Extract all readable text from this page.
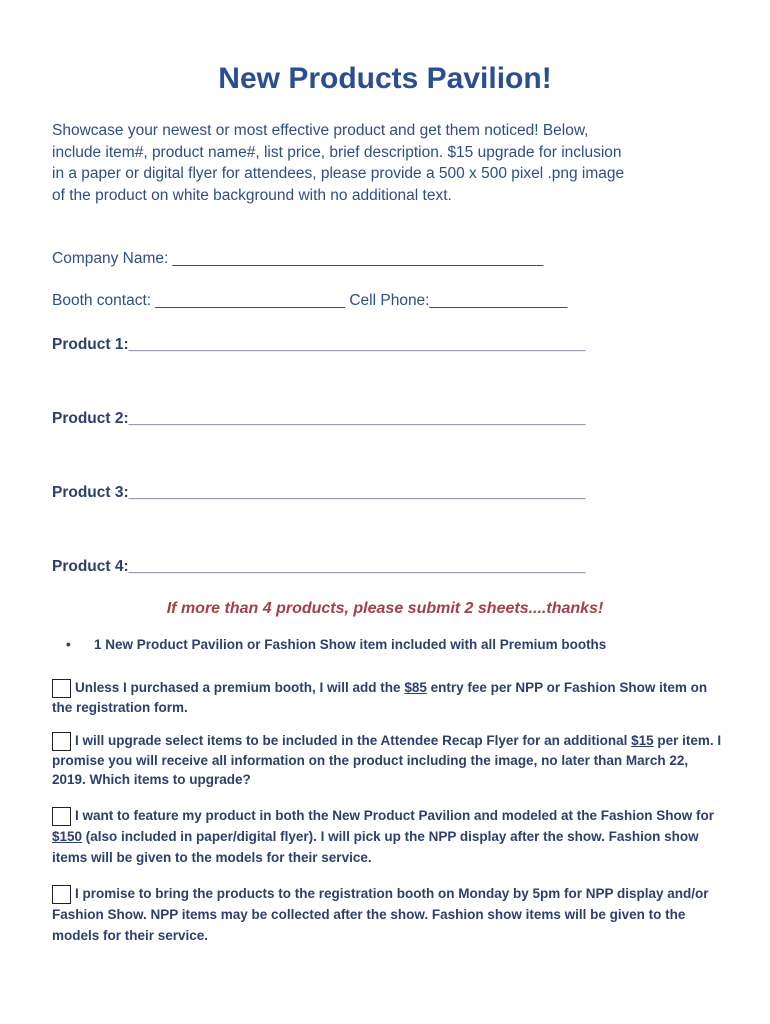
New Products Pavilion!
Showcase your newest or most effective product and get them noticed! Below,
include item#, product name#, list price, brief description. $15 upgrade for inclusion
in a paper or digital flyer for attendees, please provide a 500 x 500 pixel .png image
of the product on white background with no additional text.
Company Name: ___________________________________________
Booth contact: ______________________ Cell Phone:________________
Product 1:_____________________________________________________
Product 2:_____________________________________________________
Product 3:_____________________________________________________
Product 4:_____________________________________________________
If more than 4 products, please submit 2 sheets....thanks!
• 1 New Product Pavilion or Fashion Show item included with all Premium booths
Unless I purchased a premium booth, I will add the $85 entry fee per NPP or Fashion Show item on the registration form.
I will upgrade select items to be included in the Attendee Recap Flyer for an additional $15 per item. I promise you will receive all information on the product including the image, no later than March 22, 2019. Which items to upgrade?
I want to feature my product in both the New Product Pavilion and modeled at the Fashion Show for $150 (also included in paper/digital flyer). I will pick up the NPP display after the show. Fashion show items will be given to the models for their service.
I promise to bring the products to the registration booth on Monday by 5pm for NPP display and/or Fashion Show. NPP items may be collected after the show. Fashion show items will be given to the models for their service.
